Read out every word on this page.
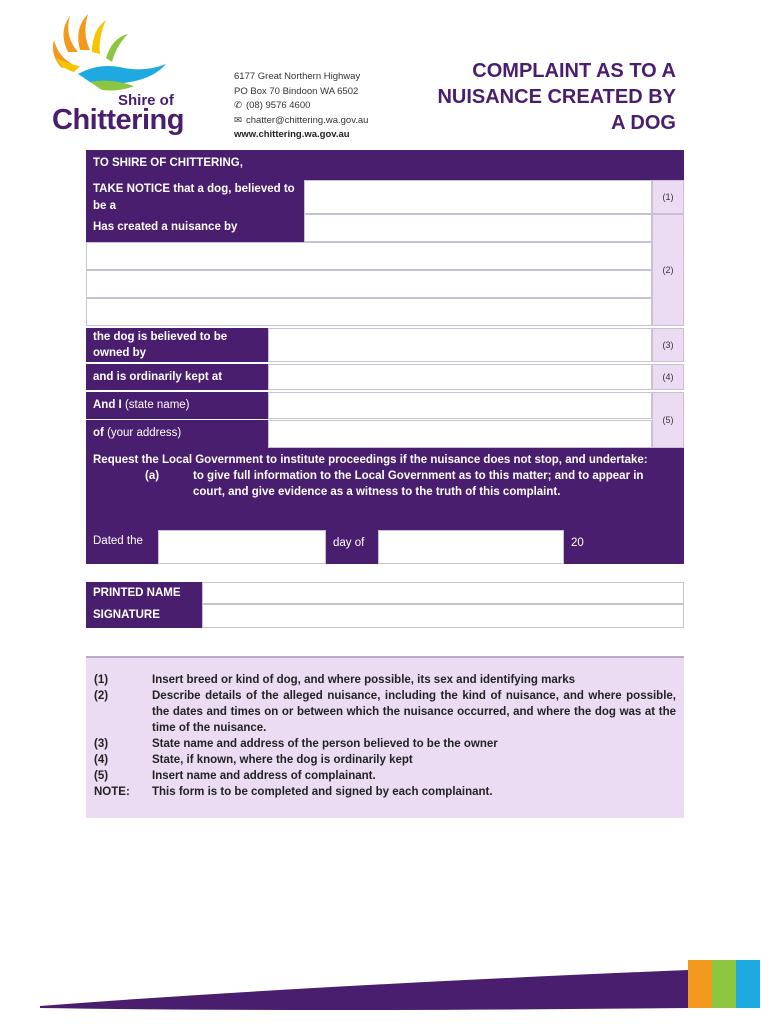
Shire of
Chittering
6177 Great Northern Highway
PO Box 70 Bindoon WA 6502
✆ (08) 9576 4600
✉ chatter@chittering.wa.gov.au
www.chittering.wa.gov.au
COMPLAINT AS TO A
NUISANCE CREATED BY
A DOG
TO SHIRE OF CHITTERING,
TAKE NOTICE that a dog, believed to be a
(1)
Has created a nuisance by
(2)
the dog is believed to be owned by
(3)
and is ordinarily kept at	(4)
And I (state name)
of (your address)
(5)
Request the Local Government to institute proceedings if the nuisance does not stop, and undertake:
(a)	to give full information to the Local Government as to this matter; and to appear in court, and give evidence as a witness to the truth of this complaint.
Dated the	day of	20
PRINTED NAME
SIGNATURE
(1)	Insert breed or kind of dog, and where possible, its sex and identifying marks
(2)	Describe details of the alleged nuisance, including the kind of nuisance, and where possible, the dates and times on or between which the nuisance occurred, and where the dog was at the time of the nuisance.
(3)	State name and address of the person believed to be the owner
(4)	State, if known, where the dog is ordinarily kept
(5)	Insert name and address of complainant.
NOTE:	This form is to be completed and signed by each complainant.
